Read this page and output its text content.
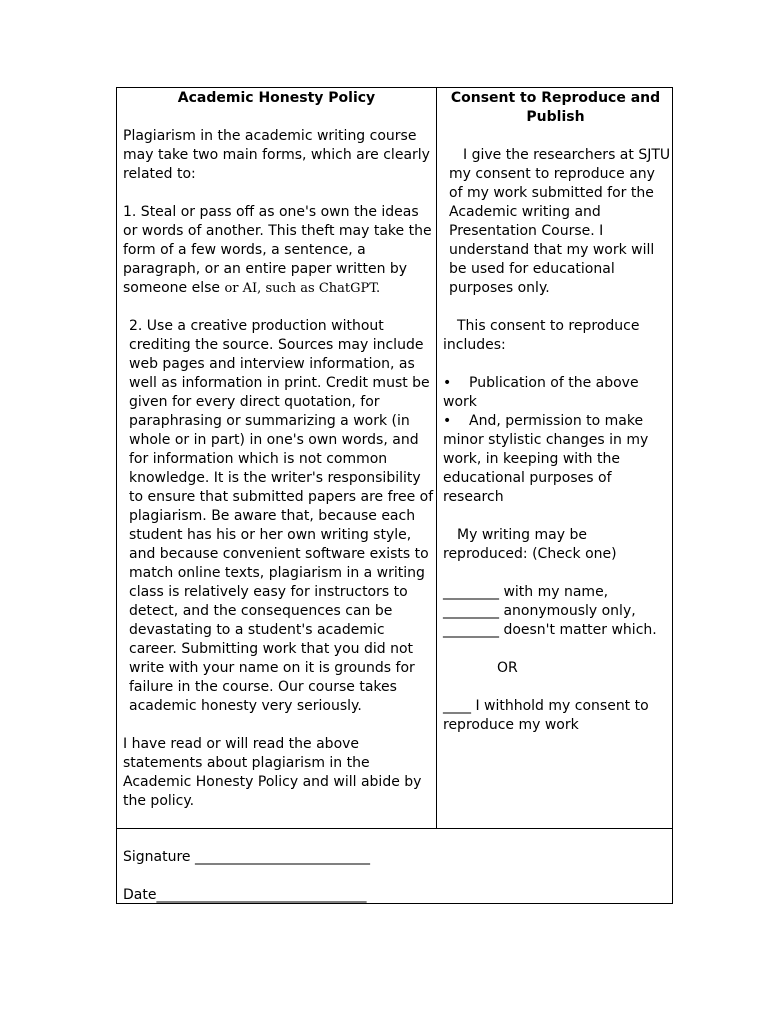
Academic Honesty Policy

Plagiarism in the academic writing course may take two main forms, which are clearly related to:

1. Steal or pass off as one's own the ideas or words of another. This theft may take the form of a few words, a sentence, a paragraph, or an entire paper written by someone else or AI, such as ChatGPT.

2. Use a creative production without crediting the source. Sources may include web pages and interview information, as well as information in print. Credit must be given for every direct quotation, for paraphrasing or summarizing a work (in whole or in part) in one's own words, and for information which is not common knowledge. It is the writer's responsibility to ensure that submitted papers are free of plagiarism. Be aware that, because each student has his or her own writing style, and because convenient software exists to match online texts, plagiarism in a writing class is relatively easy for instructors to detect, and the consequences can be devastating to a student's academic career. Submitting work that you did not write with your name on it is grounds for failure in the course. Our course takes academic honesty very seriously.

I have read or will read the above statements about plagiarism in the Academic Honesty Policy and will abide by the policy.

Consent to Reproduce and Publish

I give the researchers at SJTU my consent to reproduce any of my work submitted for the Academic writing and Presentation Course. I understand that my work will be used for educational purposes only.

This consent to reproduce includes:

• Publication of the above work

• And, permission to make minor stylistic changes in my work, in keeping with the educational purposes of research

My writing may be reproduced: (Check one)

________ with my name,

________ anonymously only,

________ doesn't matter which.

OR

____ I withhold my consent to reproduce my work

Signature _________________________
Date______________________________
